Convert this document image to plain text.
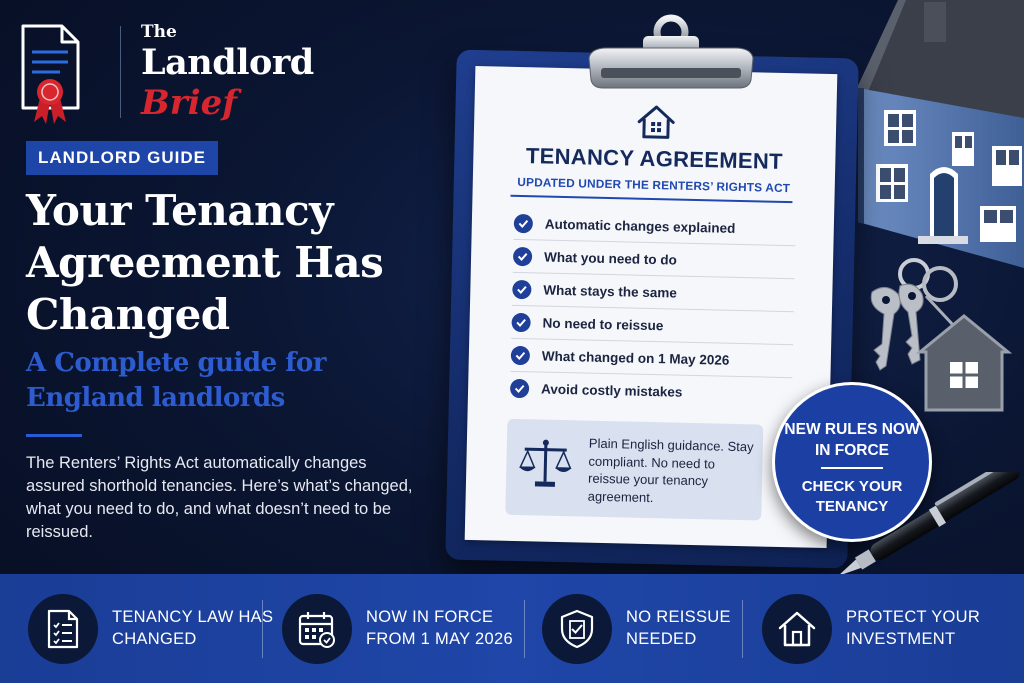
The
Landlord
Brief
LANDLORD GUIDE
Your Tenancy Agreement Has Changed
A Complete guide for England landlords

The Renters’ Rights Act automatically changes assured shorthold tenancies. Here’s what’s changed, what you need to do, and what doesn’t need to be reissued.

TENANCY AGREEMENT
UPDATED UNDER THE RENTERS’ RIGHTS ACT
Automatic changes explained
What you need to do
What stays the same
No need to reissue
What changed on 1 May 2026
Avoid costly mistakes
Plain English guidance. Stay compliant. No need to reissue your tenancy agreement.
NEW RULES NOW IN FORCE
CHECK YOUR TENANCY
TENANCY LAW HAS CHANGED
NOW IN FORCE FROM 1 MAY 2026
NO REISSUE NEEDED
PROTECT YOUR INVESTMENT
